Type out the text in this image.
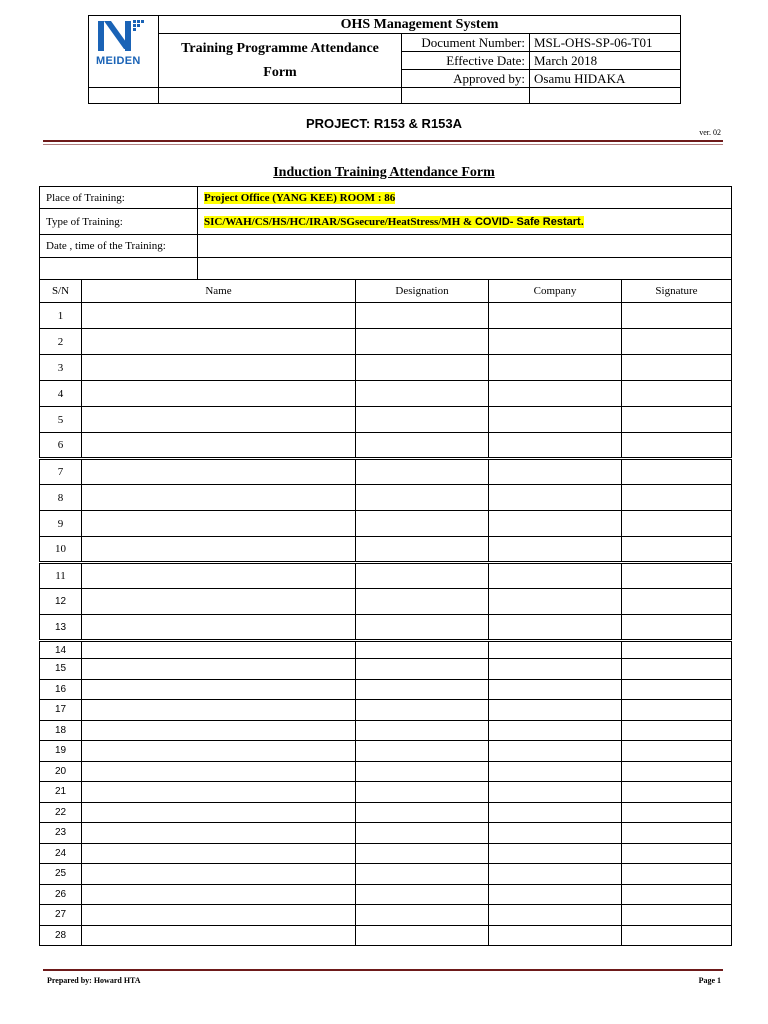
MEIDEN	OHS Management System		
	Training Programme Attendance Form	Document Number:	MSL-OHS-SP-06-T01
		Effective Date:	March 2018
		Approved by:	Osamu HIDAKA

PROJECT: R153 & R153A
ver. 02
Induction Training Attendance Form
Place of Training:	Project Office (YANG KEE) ROOM : 86
Type of Training:	SIC/WAH/CS/HS/HC/IRAR/SGsecure/HeatStress/MH & COVID- Safe Restart.
Date , time of the Training:	

S/N	Name	Designation	Company	Signature
1				
2				
3				
4				
5				
6				
7				
8				
9				
10				
11				
12				
13				
14				
15				
16				
17				
18				
19				
20				
21				
22				
23				
24				
25				
26				
27				
28				
Prepared by: Howard HTA	Page 1
